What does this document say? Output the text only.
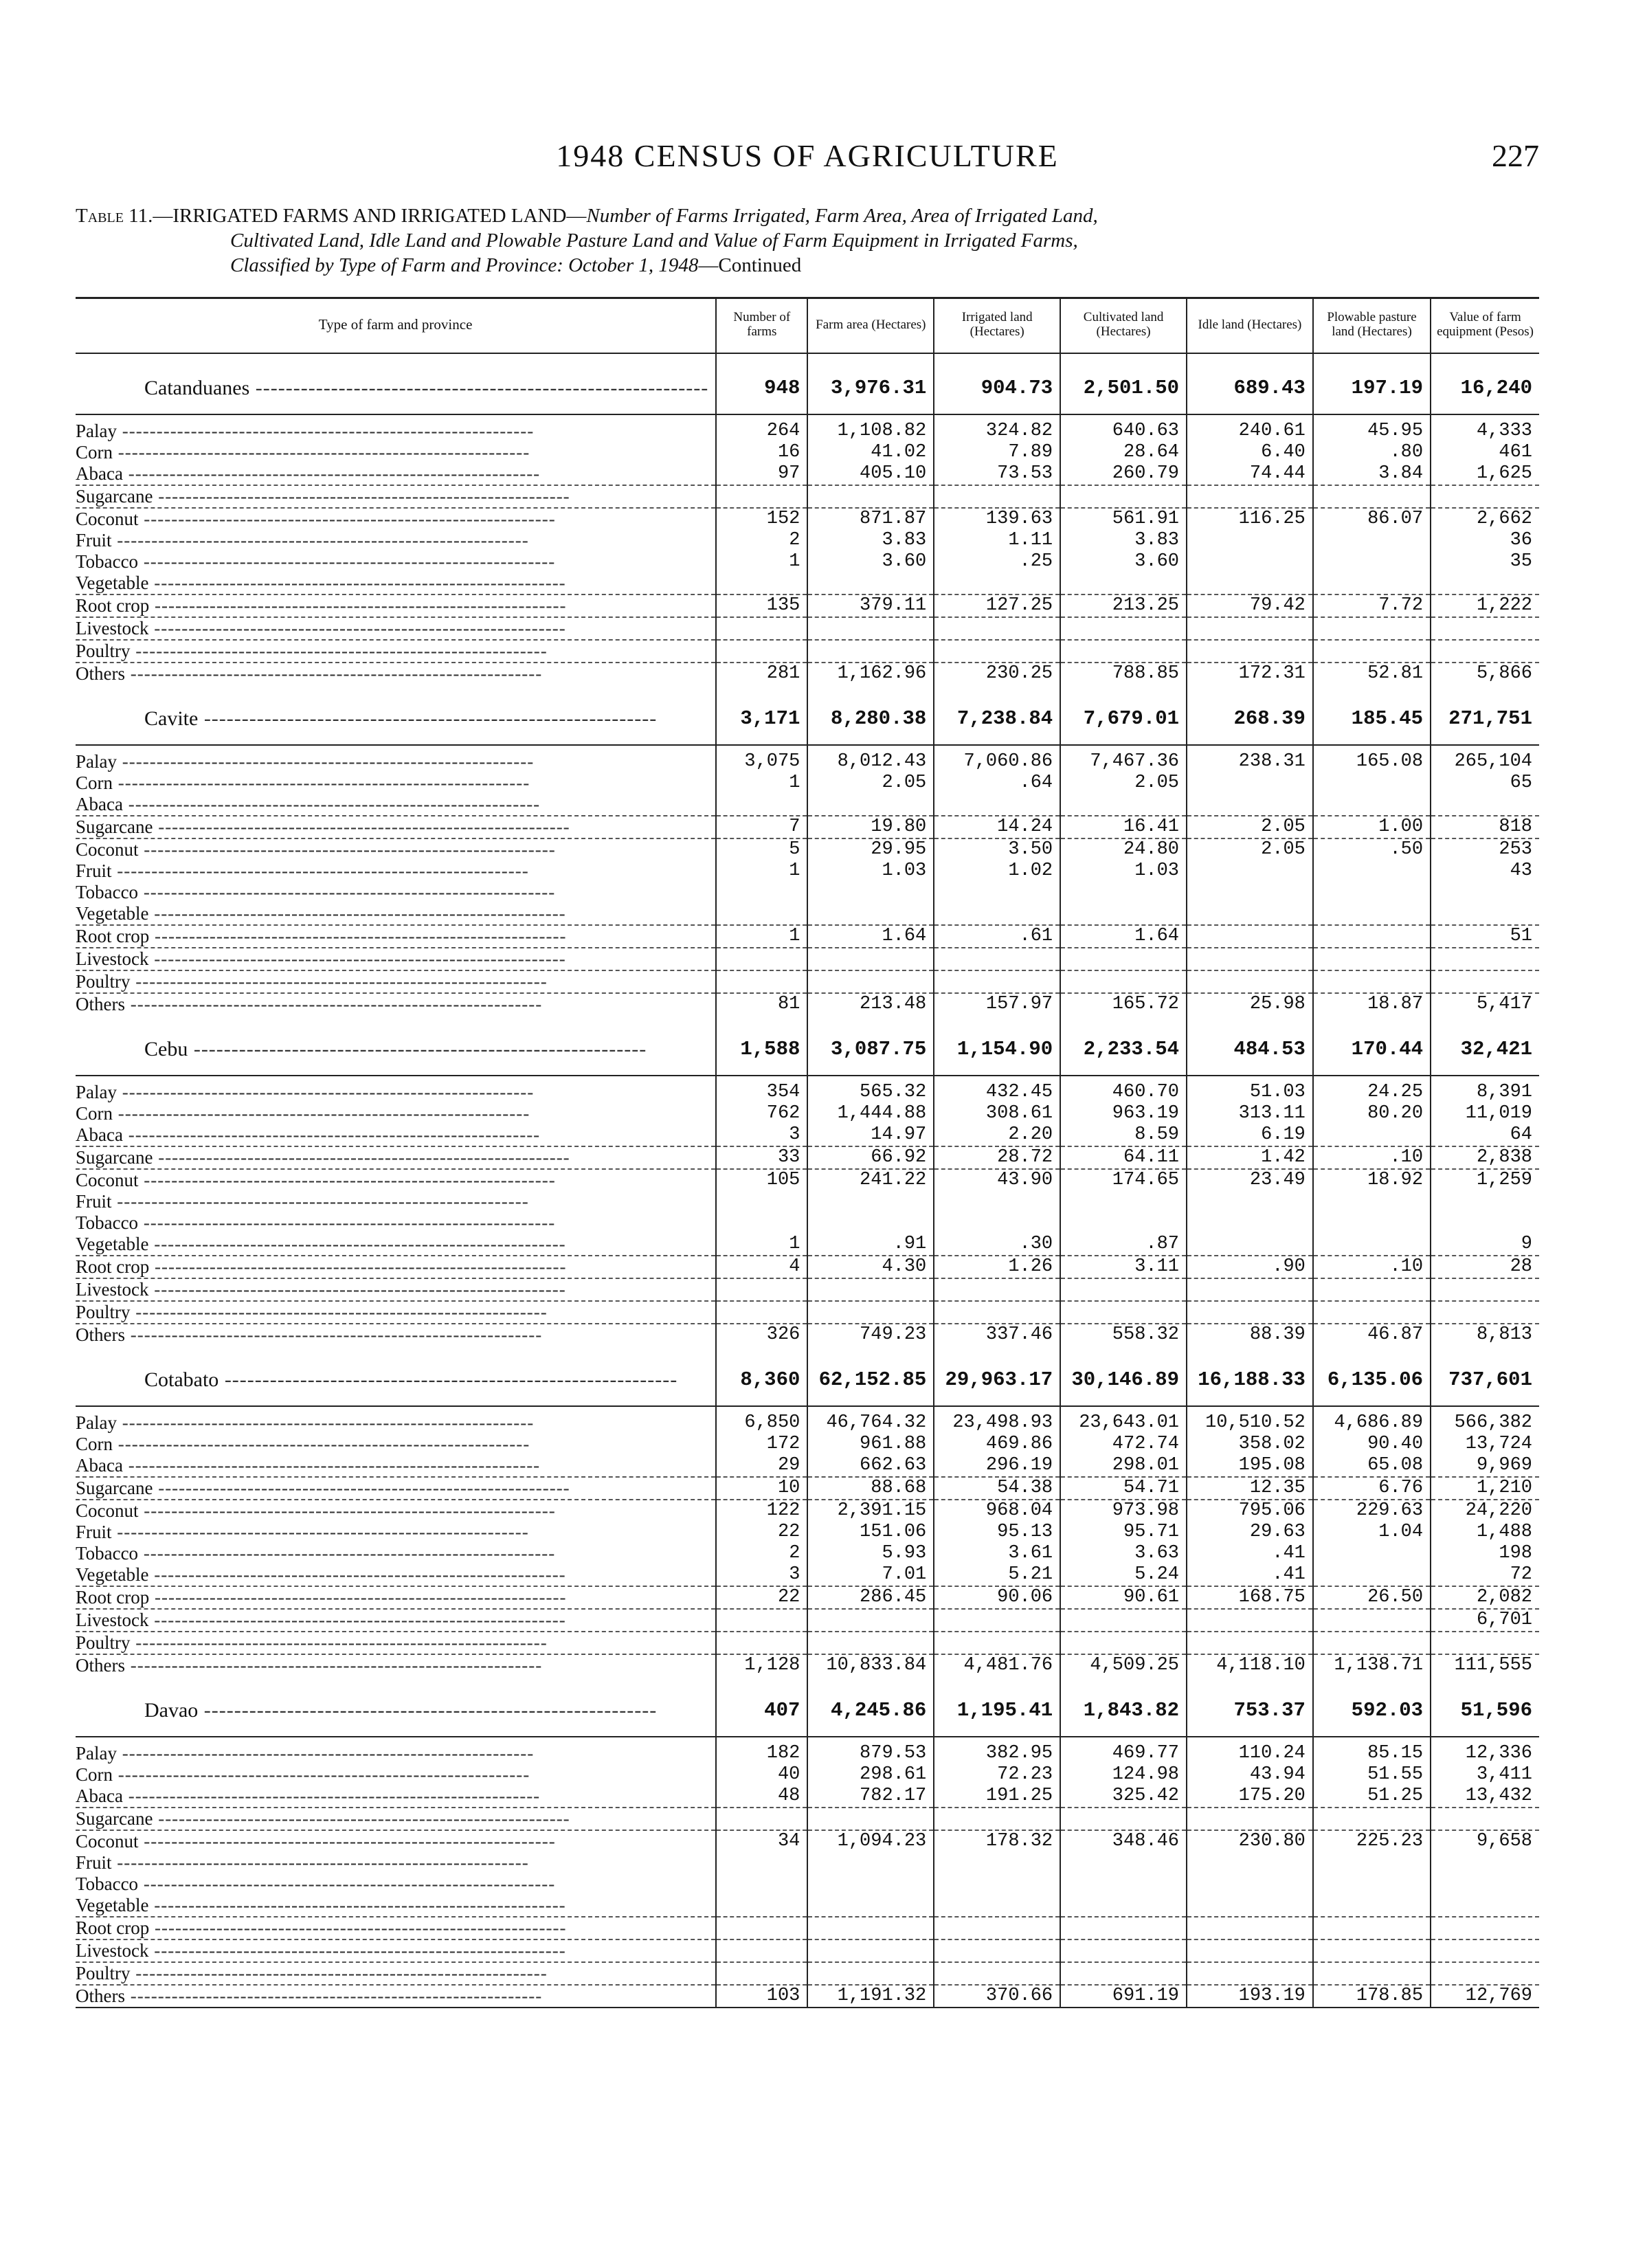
1948 CENSUS OF AGRICULTURE	227
Table 11.—IRRIGATED FARMS AND IRRIGATED LAND—Number of Farms Irrigated, Farm Area, Area of Irrigated Land,
Cultivated Land, Idle Land and Plowable Pasture Land and Value of Farm Equipment in Irrigated Farms,
Classified by Type of Farm and Province: October 1, 1948—Continued
Type of farm and province	Number of farms	Farm area (Hectares)	Irrigated land (Hectares)	Cultivated land (Hectares)	Idle land (Hectares)	Plowable pasture land (Hectares)	Value of farm equipment (Pesos)
Catanduanes ------------------------------------------------------------	948	3,976.31	904.73	2,501.50	689.43	197.19	16,240
Palay ------------------------------------------------------------	264	1,108.82	324.82	640.63	240.61	45.95	4,333
Corn ------------------------------------------------------------	16	41.02	7.89	28.64	6.40	.80	461
Abaca ------------------------------------------------------------	97	405.10	73.53	260.79	74.44	3.84	1,625
Sugarcane ------------------------------------------------------------							
Coconut ------------------------------------------------------------	152	871.87	139.63	561.91	116.25	86.07	2,662
Fruit ------------------------------------------------------------	2	3.83	1.11	3.83			36
Tobacco ------------------------------------------------------------	1	3.60	.25	3.60			35
Vegetable ------------------------------------------------------------							
Root crop ------------------------------------------------------------	135	379.11	127.25	213.25	79.42	7.72	1,222
Livestock ------------------------------------------------------------							
Poultry ------------------------------------------------------------							
Others ------------------------------------------------------------	281	1,162.96	230.25	788.85	172.31	52.81	5,866
Cavite ------------------------------------------------------------	3,171	8,280.38	7,238.84	7,679.01	268.39	185.45	271,751
Palay ------------------------------------------------------------	3,075	8,012.43	7,060.86	7,467.36	238.31	165.08	265,104
Corn ------------------------------------------------------------	1	2.05	.64	2.05			65
Abaca ------------------------------------------------------------							
Sugarcane ------------------------------------------------------------	7	19.80	14.24	16.41	2.05	1.00	818
Coconut ------------------------------------------------------------	5	29.95	3.50	24.80	2.05	.50	253
Fruit ------------------------------------------------------------	1	1.03	1.02	1.03			43
Tobacco ------------------------------------------------------------							
Vegetable ------------------------------------------------------------							
Root crop ------------------------------------------------------------	1	1.64	.61	1.64			51
Livestock ------------------------------------------------------------							
Poultry ------------------------------------------------------------							
Others ------------------------------------------------------------	81	213.48	157.97	165.72	25.98	18.87	5,417
Cebu ------------------------------------------------------------	1,588	3,087.75	1,154.90	2,233.54	484.53	170.44	32,421
Palay ------------------------------------------------------------	354	565.32	432.45	460.70	51.03	24.25	8,391
Corn ------------------------------------------------------------	762	1,444.88	308.61	963.19	313.11	80.20	11,019
Abaca ------------------------------------------------------------	3	14.97	2.20	8.59	6.19		64
Sugarcane ------------------------------------------------------------	33	66.92	28.72	64.11	1.42	.10	2,838
Coconut ------------------------------------------------------------	105	241.22	43.90	174.65	23.49	18.92	1,259
Fruit ------------------------------------------------------------							
Tobacco ------------------------------------------------------------							
Vegetable ------------------------------------------------------------	1	.91	.30	.87			9
Root crop ------------------------------------------------------------	4	4.30	1.26	3.11	.90	.10	28
Livestock ------------------------------------------------------------							
Poultry ------------------------------------------------------------							
Others ------------------------------------------------------------	326	749.23	337.46	558.32	88.39	46.87	8,813
Cotabato ------------------------------------------------------------	8,360	62,152.85	29,963.17	30,146.89	16,188.33	6,135.06	737,601
Palay ------------------------------------------------------------	6,850	46,764.32	23,498.93	23,643.01	10,510.52	4,686.89	566,382
Corn ------------------------------------------------------------	172	961.88	469.86	472.74	358.02	90.40	13,724
Abaca ------------------------------------------------------------	29	662.63	296.19	298.01	195.08	65.08	9,969
Sugarcane ------------------------------------------------------------	10	88.68	54.38	54.71	12.35	6.76	1,210
Coconut ------------------------------------------------------------	122	2,391.15	968.04	973.98	795.06	229.63	24,220
Fruit ------------------------------------------------------------	22	151.06	95.13	95.71	29.63	1.04	1,488
Tobacco ------------------------------------------------------------	2	5.93	3.61	3.63	.41		198
Vegetable ------------------------------------------------------------	3	7.01	5.21	5.24	.41		72
Root crop ------------------------------------------------------------	22	286.45	90.06	90.61	168.75	26.50	2,082
Livestock ------------------------------------------------------------							6,701
Poultry ------------------------------------------------------------							
Others ------------------------------------------------------------	1,128	10,833.84	4,481.76	4,509.25	4,118.10	1,138.71	111,555
Davao ------------------------------------------------------------	407	4,245.86	1,195.41	1,843.82	753.37	592.03	51,596
Palay ------------------------------------------------------------	182	879.53	382.95	469.77	110.24	85.15	12,336
Corn ------------------------------------------------------------	40	298.61	72.23	124.98	43.94	51.55	3,411
Abaca ------------------------------------------------------------	48	782.17	191.25	325.42	175.20	51.25	13,432
Sugarcane ------------------------------------------------------------							
Coconut ------------------------------------------------------------	34	1,094.23	178.32	348.46	230.80	225.23	9,658
Fruit ------------------------------------------------------------							
Tobacco ------------------------------------------------------------							
Vegetable ------------------------------------------------------------							
Root crop ------------------------------------------------------------							
Livestock ------------------------------------------------------------							
Poultry ------------------------------------------------------------							
Others ------------------------------------------------------------	103	1,191.32	370.66	691.19	193.19	178.85	12,769
